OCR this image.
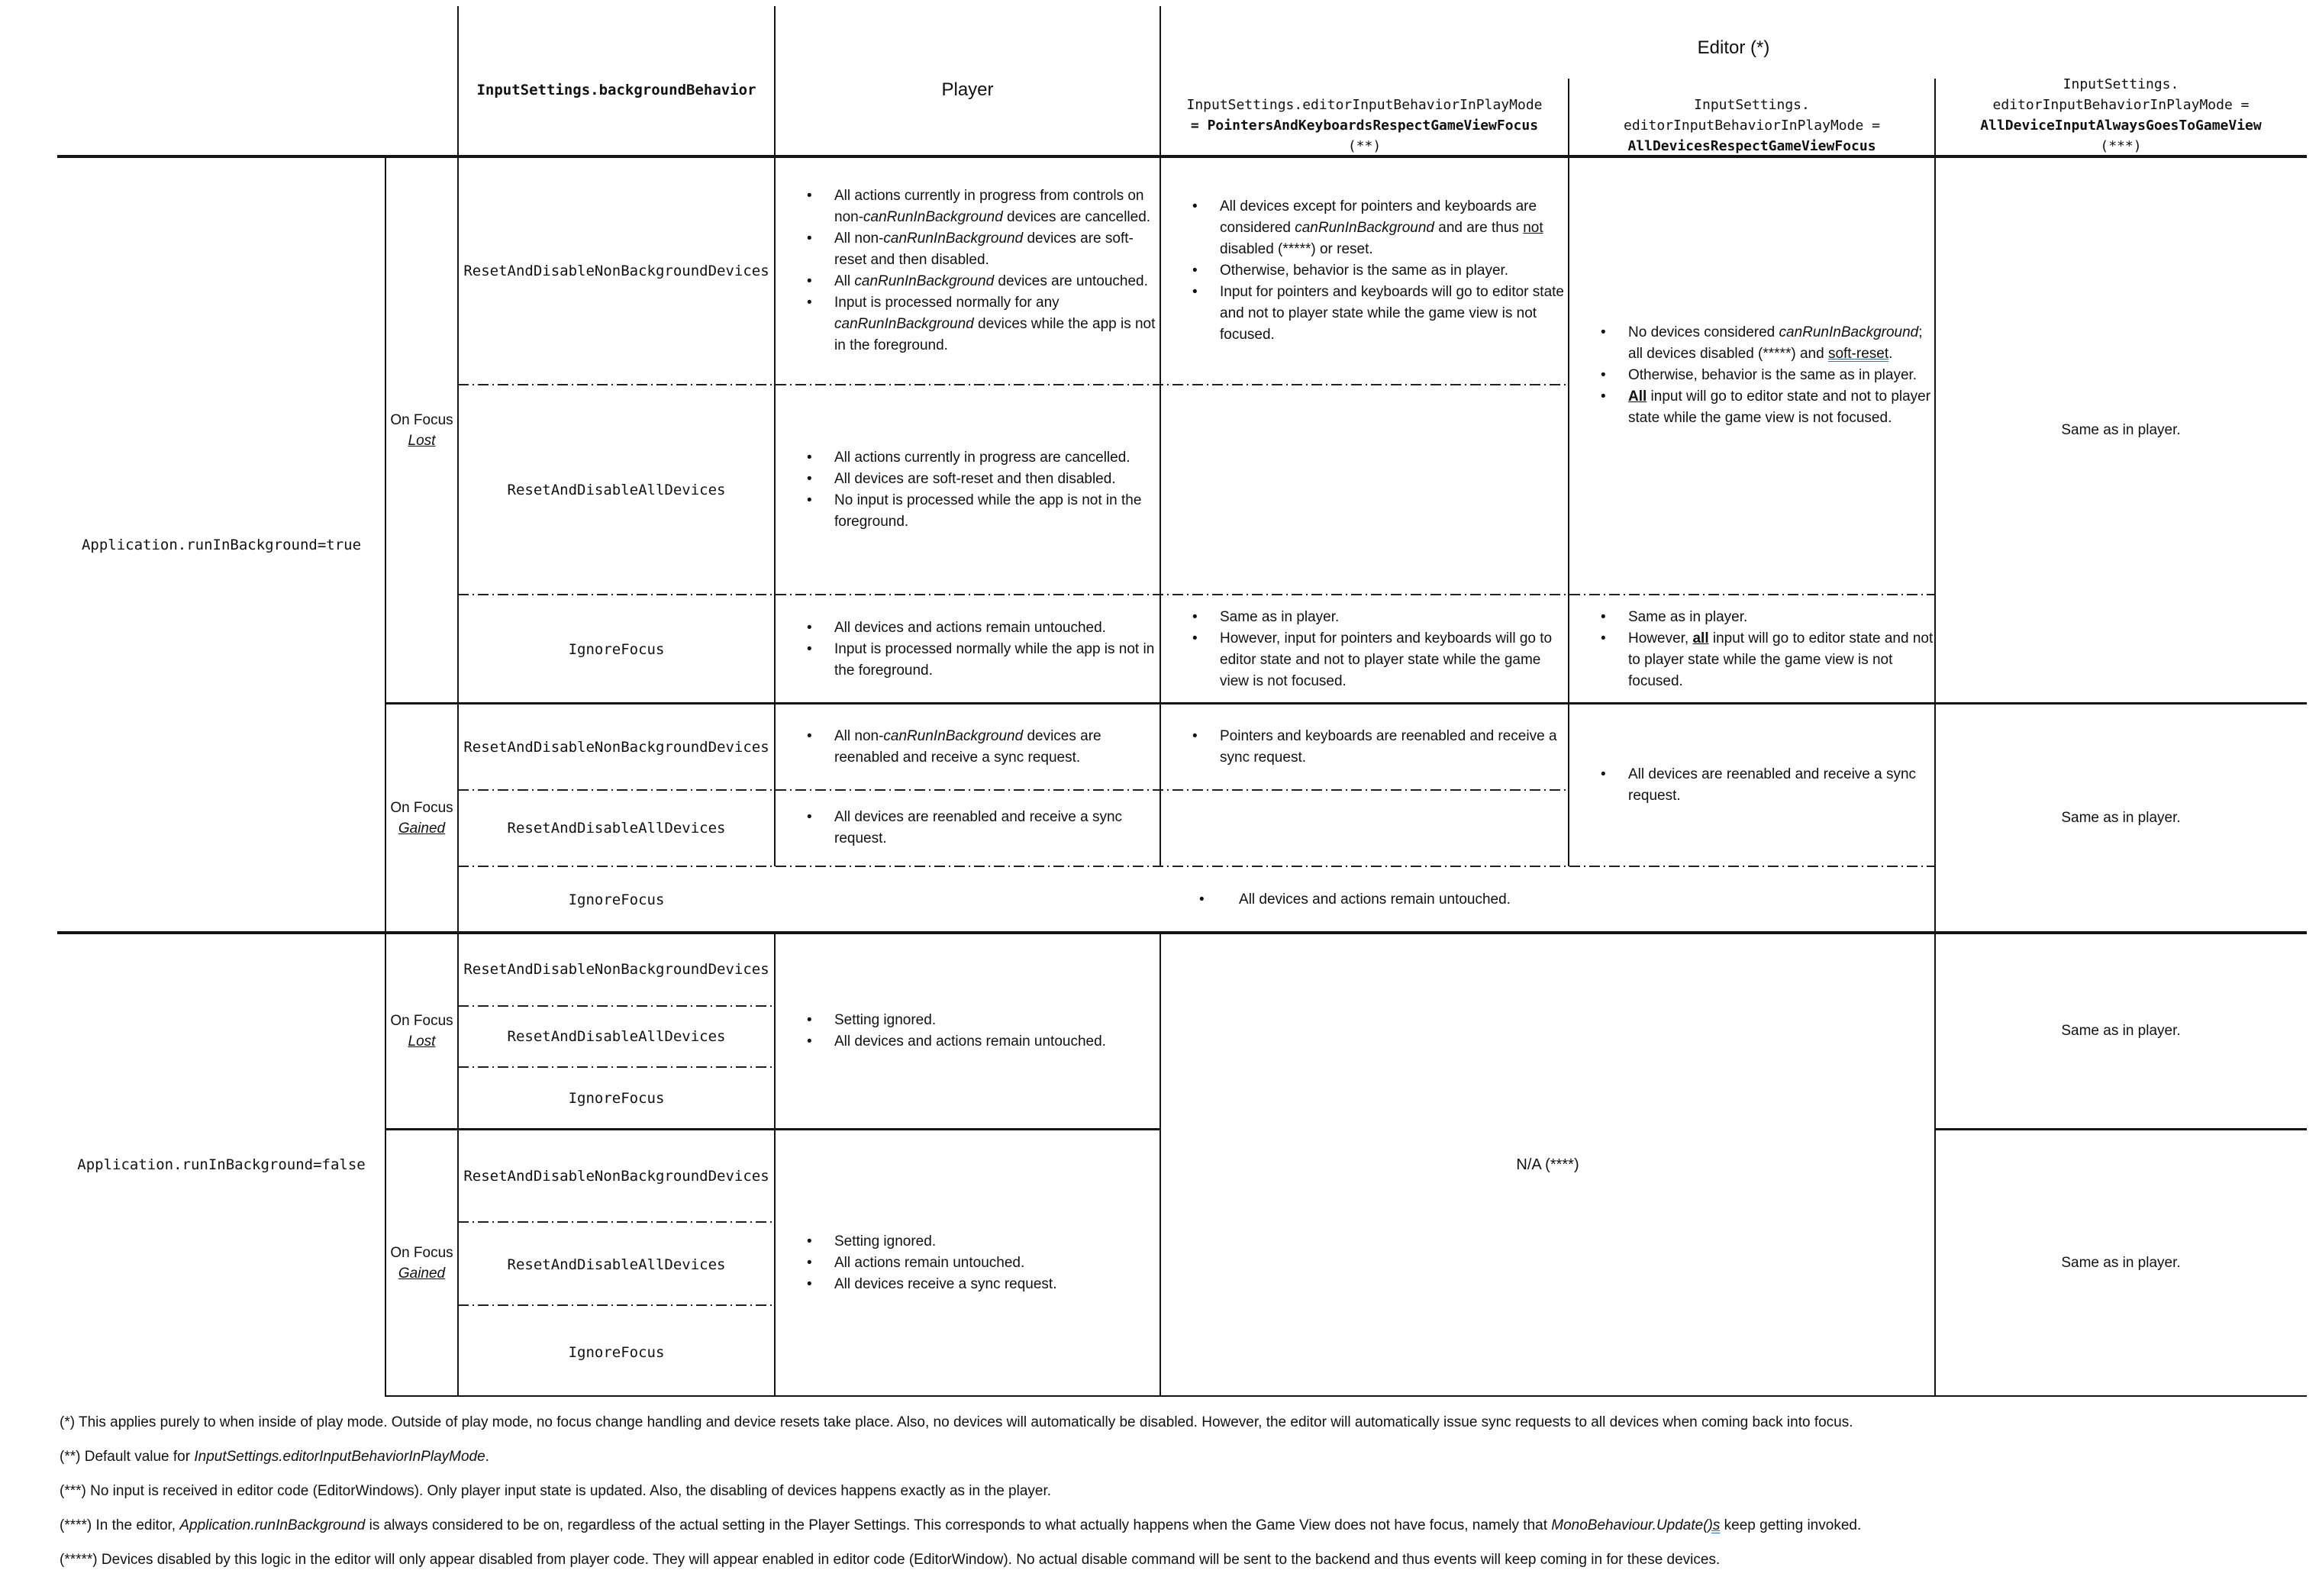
InputSettings.backgroundBehavior	Player
Editor (*)
InputSettings.editorInputBehaviorInPlayMode
= PointersAndKeyboardsRespectGameViewFocus
(**)
InputSettings.
editorInputBehaviorInPlayMode =
AllDevicesRespectGameViewFocus
InputSettings.
editorInputBehaviorInPlayMode =
AllDeviceInputAlwaysGoesToGameView
(***)
Application.runInBackground=true
Application.runInBackground=false
On Focus
Lost
On Focus
Gained
On Focus
Lost
On Focus
Gained
ResetAndDisableNonBackgroundDevices
ResetAndDisableAllDevices
IgnoreFocus
ResetAndDisableNonBackgroundDevices
ResetAndDisableAllDevices
IgnoreFocus
ResetAndDisableNonBackgroundDevices
ResetAndDisableAllDevices
IgnoreFocus
ResetAndDisableNonBackgroundDevices
ResetAndDisableAllDevices
IgnoreFocus
• All actions currently in progress from controls on non-canRunInBackground devices are cancelled.
• All non-canRunInBackground devices are soft-reset and then disabled.
• All canRunInBackground devices are untouched.
• Input is processed normally for any canRunInBackground devices while the app is not in the foreground.
• All devices except for pointers and keyboards are considered canRunInBackground and are thus not disabled (*****) or reset.
• Otherwise, behavior is the same as in player.
• Input for pointers and keyboards will go to editor state and not to player state while the game view is not focused.	• No devices considered canRunInBackground; all devices disabled (*****) and soft-reset.
• Otherwise, behavior is the same as in player.
• All input will go to editor state and not to player state while the game view is not focused.
• All actions currently in progress are cancelled.
• All devices are soft-reset and then disabled.
• No input is processed while the app is not in the foreground.
• All devices and actions remain untouched.
• Input is processed normally while the app is not in the foreground.
• Same as in player.
• However, input for pointers and keyboards will go to editor state and not to player state while the game view is not focused.
• Same as in player.
• However, all input will go to editor state and not to player state while the game view is not focused.
Same as in player.
• All non-canRunInBackground devices are reenabled and receive a sync request.
• Pointers and keyboards are reenabled and receive a sync request.
• All devices are reenabled and receive a sync request.
• All devices are reenabled and receive a sync request.
• All devices and actions remain untouched.
Same as in player.
• Setting ignored.
• All devices and actions remain untouched.
• Setting ignored.
• All actions remain untouched.
• All devices receive a sync request.
N/A (****)
Same as in player.
Same as in player.
(*) This applies purely to when inside of play mode. Outside of play mode, no focus change handling and device resets take place. Also, no devices will automatically be disabled. However, the editor will automatically issue sync requests to all devices when coming back into focus.
(**) Default value for InputSettings.editorInputBehaviorInPlayMode.
(***) No input is received in editor code (EditorWindows). Only player input state is updated. Also, the disabling of devices happens exactly as in the player.
(****) In the editor, Application.runInBackground is always considered to be on, regardless of the actual setting in the Player Settings. This corresponds to what actually happens when the Game View does not have focus, namely that MonoBehaviour.Update()s keep getting invoked.
(*****) Devices disabled by this logic in the editor will only appear disabled from player code. They will appear enabled in editor code (EditorWindow). No actual disable command will be sent to the backend and thus events will keep coming in for these devices.
